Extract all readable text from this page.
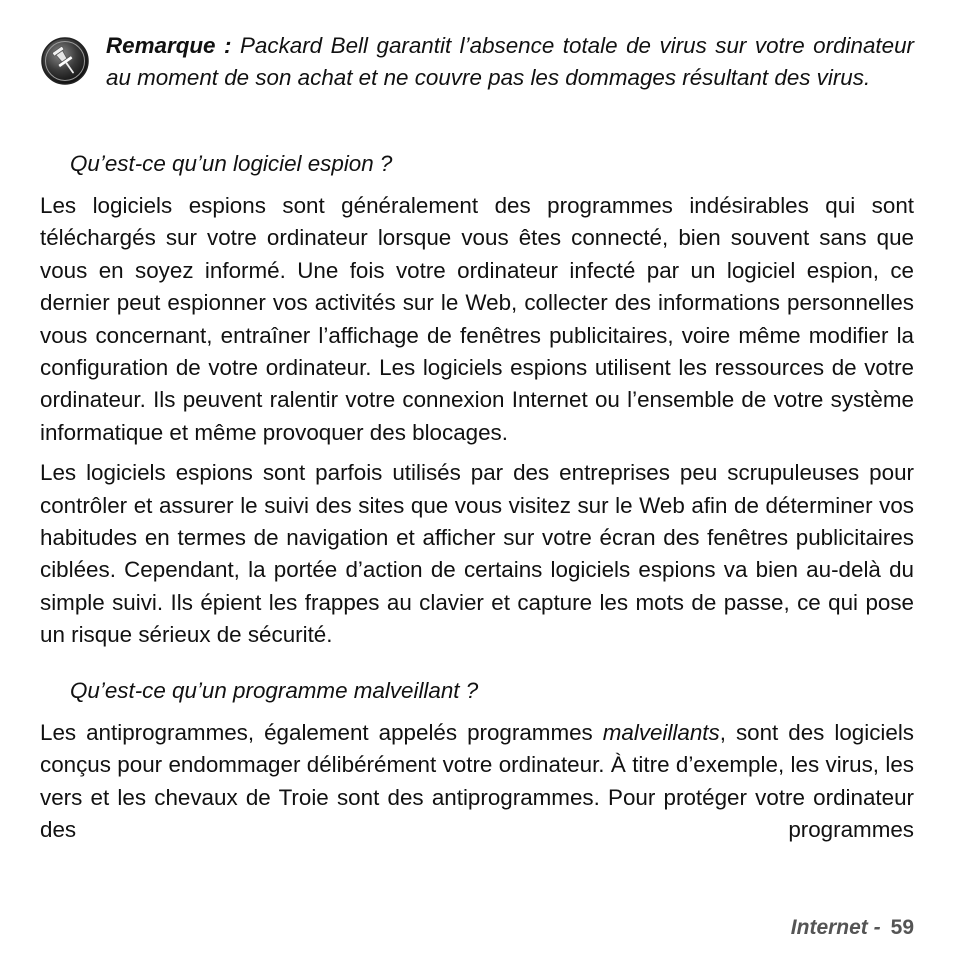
Remarque : Packard Bell garantit l’absence totale de virus sur votre ordinateur au moment de son achat et ne couvre pas les dommages résultant des virus.
Qu’est-ce qu’un logiciel espion ?

Les logiciels espions sont généralement des programmes indésirables qui sont téléchargés sur votre ordinateur lorsque vous êtes connecté, bien souvent sans que vous en soyez informé. Une fois votre ordinateur infecté par un logiciel espion, ce dernier peut espionner vos activités sur le Web, collecter des informations personnelles vous concernant, entraîner l’affichage de fenêtres publicitaires, voire même modifier la configuration de votre ordinateur. Les logiciels espions utilisent les ressources de votre ordinateur. Ils peuvent ralentir votre connexion Internet ou l’ensemble de votre système informatique et même provoquer des blocages.

Les logiciels espions sont parfois utilisés par des entreprises peu scrupuleuses pour contrôler et assurer le suivi des sites que vous visitez sur le Web afin de déterminer vos habitudes en termes de navigation et afficher sur votre écran des fenêtres publicitaires ciblées. Cependant, la portée d’action de certains logiciels espions va bien au-delà du simple suivi. Ils épient les frappes au clavier et capture les mots de passe, ce qui pose un risque sérieux de sécurité.

Qu’est-ce qu’un programme malveillant ?

Les antiprogrammes, également appelés programmes malveillants, sont des logiciels conçus pour endommager délibérément votre ordinateur. À titre d’exemple, les virus, les vers et les chevaux de Troie sont des antiprogrammes. Pour protéger votre ordinateur des programmes

Internet - 59
